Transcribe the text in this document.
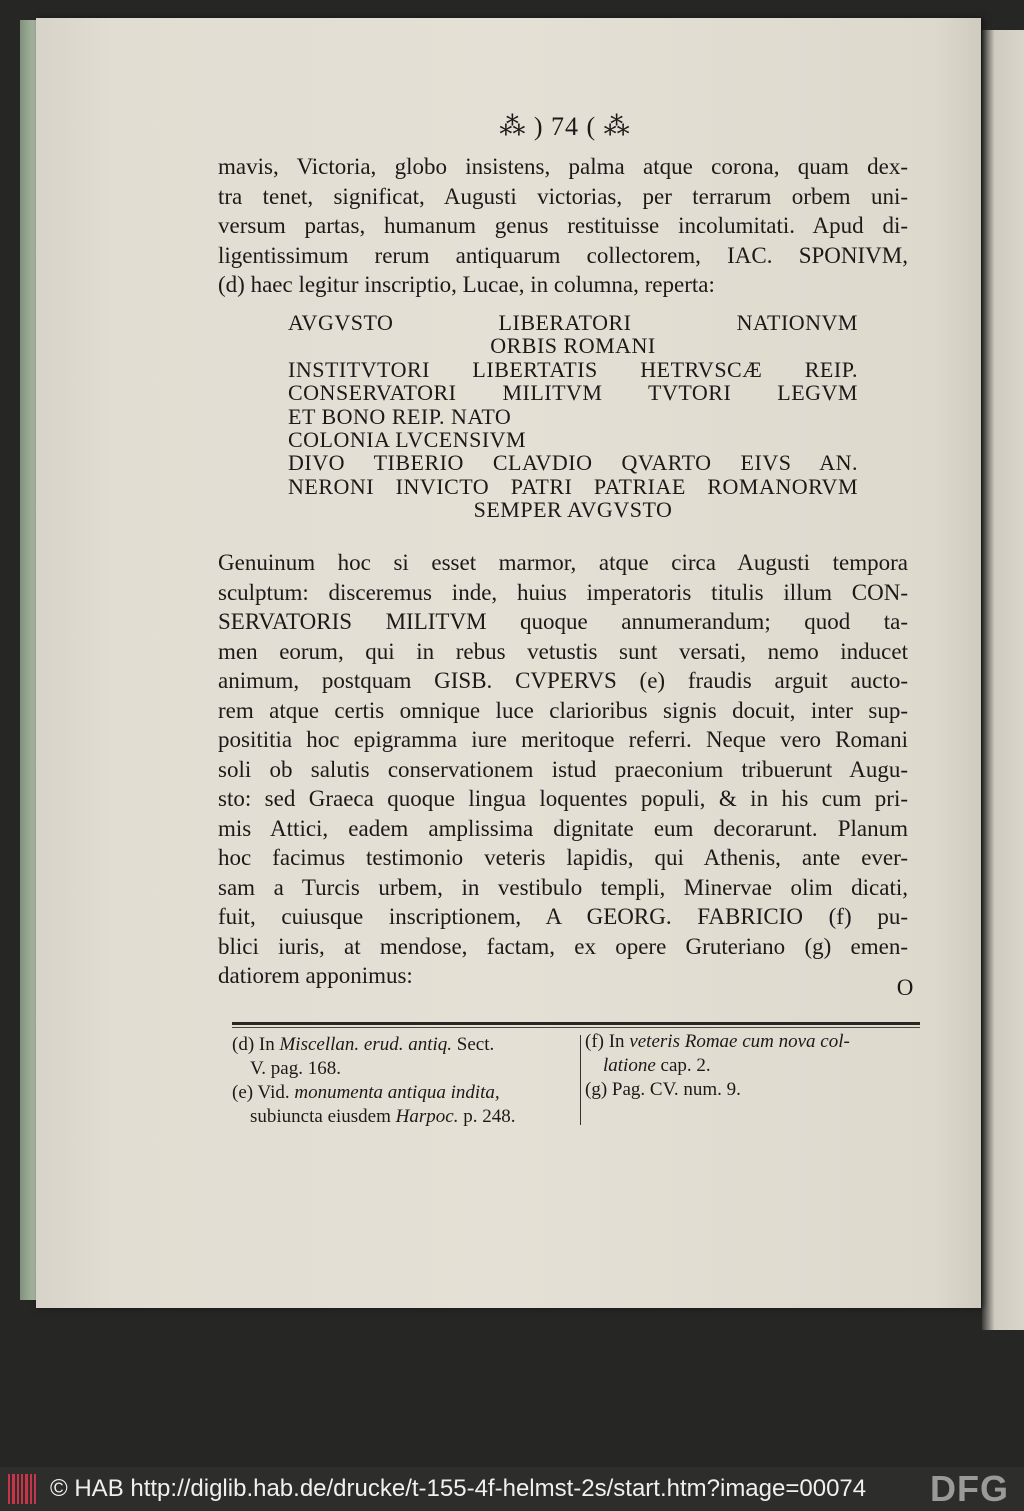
⁂ ) 74 ( ⁂
mavis, Victoria, globo insistens, palma atque corona, quam dex-
tra tenet, significat, Augusti victorias, per terrarum orbem uni-
versum partas, humanum genus restituisse incolumitati. Apud di-
ligentissimum rerum antiquarum collectorem, IAC. SPONIVM,
(d) haec legitur inscriptio, Lucae, in columna, reperta:
AVGVSTO LIBERATORI NATIONVM
ORBIS ROMANI
INSTITVTORI LIBERTATIS HETRVSCÆ REIP.
CONSERVATORI MILITVM TVTORI LEGVM
ET BONO REIP. NATO
COLONIA LVCENSIVM
DIVO TIBERIO CLAVDIO QVARTO EIVS AN.
NERONI INVICTO PATRI PATRIAE ROMANORVM
SEMPER AVGVSTO
Genuinum hoc si esset marmor, atque circa Augusti tempora
sculptum: disceremus inde, huius imperatoris titulis illum CON-
SERVATORIS MILITVM quoque annumerandum; quod ta-
men eorum, qui in rebus vetustis sunt versati, nemo inducet
animum, postquam GISB. CVPERVS (e) fraudis arguit aucto-
rem atque certis omnique luce clarioribus signis docuit, inter sup-
posititia hoc epigramma iure meritoque referri. Neque vero Romani
soli ob salutis conservationem istud praeconium tribuerunt Augu-
sto: sed Graeca quoque lingua loquentes populi, & in his cum pri-
mis Attici, eadem amplissima dignitate eum decorarunt. Planum
hoc facimus testimonio veteris lapidis, qui Athenis, ante ever-
sam a Turcis urbem, in vestibulo templi, Minervae olim dicati,
fuit, cuiusque inscriptionem, A GEORG. FABRICIO (f) pu-
blici iuris, at mendose, factam, ex opere Gruteriano (g) emen-
datiorem apponimus:	O
(d) In Miscellan. erud. antiq. Sect.
V. pag. 168.
(e) Vid. monumenta antiqua indita,
subiuncta eiusdem Harpoc. p. 248.
(f) In veteris Romae cum nova col-
latione cap. 2.
(g) Pag. CV. num. 9.
© HAB http://diglib.hab.de/drucke/t-155-4f-helmst-2s/start.htm?image=00074 DFG
